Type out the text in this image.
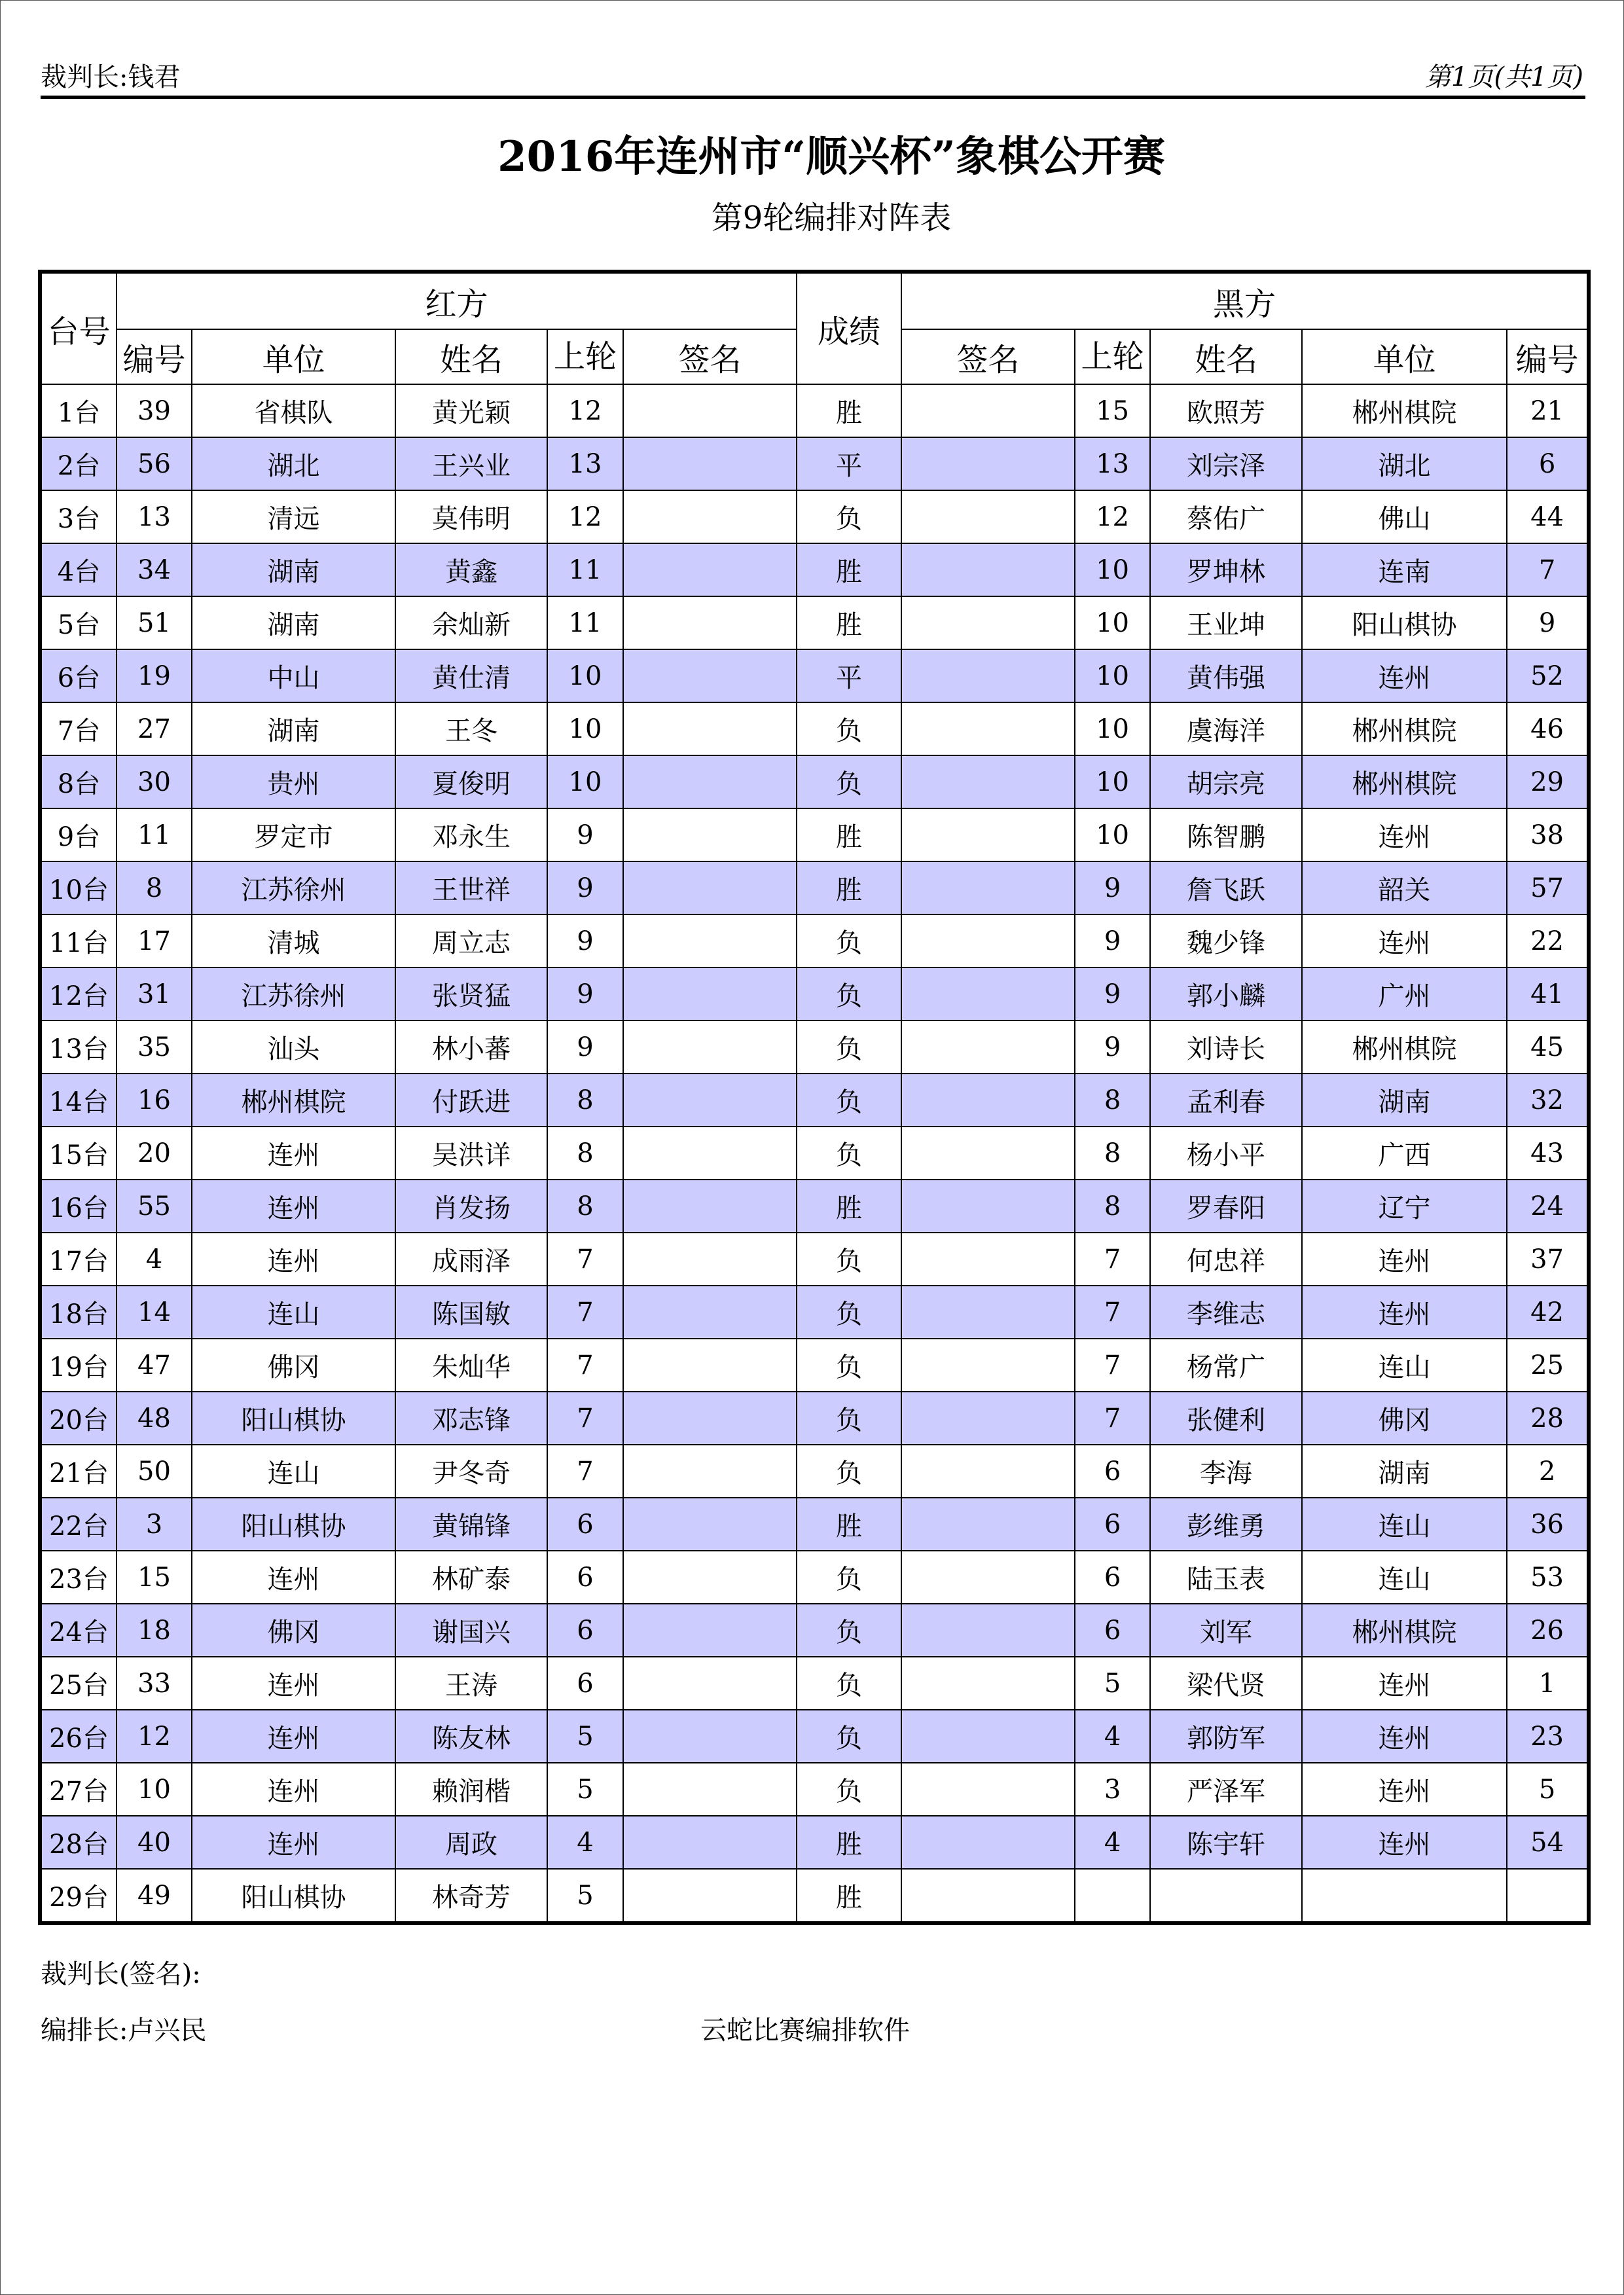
裁判长:钱君	第1页(共1页)
2016年连州市“顺兴杯”象棋公开赛
第9轮编排对阵表
台号	红方					成绩	黑方				
	编号	单位	姓名	上轮	签名		签名	上轮	姓名	单位	编号
1台	39	省棋队	黄光颖	12		胜		15	欧照芳	郴州棋院	21
2台	56	湖北	王兴业	13		平		13	刘宗泽	湖北	6
3台	13	清远	莫伟明	12		负		12	蔡佑广	佛山	44
4台	34	湖南	黄鑫	11		胜		10	罗坤林	连南	7
5台	51	湖南	余灿新	11		胜		10	王业坤	阳山棋协	9
6台	19	中山	黄仕清	10		平		10	黄伟强	连州	52
7台	27	湖南	王冬	10		负		10	虞海洋	郴州棋院	46
8台	30	贵州	夏俊明	10		负		10	胡宗亮	郴州棋院	29
9台	11	罗定市	邓永生	9		胜		10	陈智鹏	连州	38
10台	8	江苏徐州	王世祥	9		胜		9	詹飞跃	韶关	57
11台	17	清城	周立志	9		负		9	魏少锋	连州	22
12台	31	江苏徐州	张贤猛	9		负		9	郭小麟	广州	41
13台	35	汕头	林小蕃	9		负		9	刘诗长	郴州棋院	45
14台	16	郴州棋院	付跃进	8		负		8	孟利春	湖南	32
15台	20	连州	吴洪详	8		负		8	杨小平	广西	43
16台	55	连州	肖发扬	8		胜		8	罗春阳	辽宁	24
17台	4	连州	成雨泽	7		负		7	何忠祥	连州	37
18台	14	连山	陈国敏	7		负		7	李维志	连州	42
19台	47	佛冈	朱灿华	7		负		7	杨常广	连山	25
20台	48	阳山棋协	邓志锋	7		负		7	张健利	佛冈	28
21台	50	连山	尹冬奇	7		负		6	李海	湖南	2
22台	3	阳山棋协	黄锦锋	6		胜		6	彭维勇	连山	36
23台	15	连州	林矿泰	6		负		6	陆玉表	连山	53
24台	18	佛冈	谢国兴	6		负		6	刘军	郴州棋院	26
25台	33	连州	王涛	6		负		5	梁代贤	连州	1
26台	12	连州	陈友林	5		负		4	郭防军	连州	23
27台	10	连州	赖润楷	5		负		3	严泽军	连州	5
28台	40	连州	周政	4		胜		4	陈宇轩	连州	54
29台	49	阳山棋协	林奇芳	5		胜					
裁判长(签名):
编排长:卢兴民	云蛇比赛编排软件
